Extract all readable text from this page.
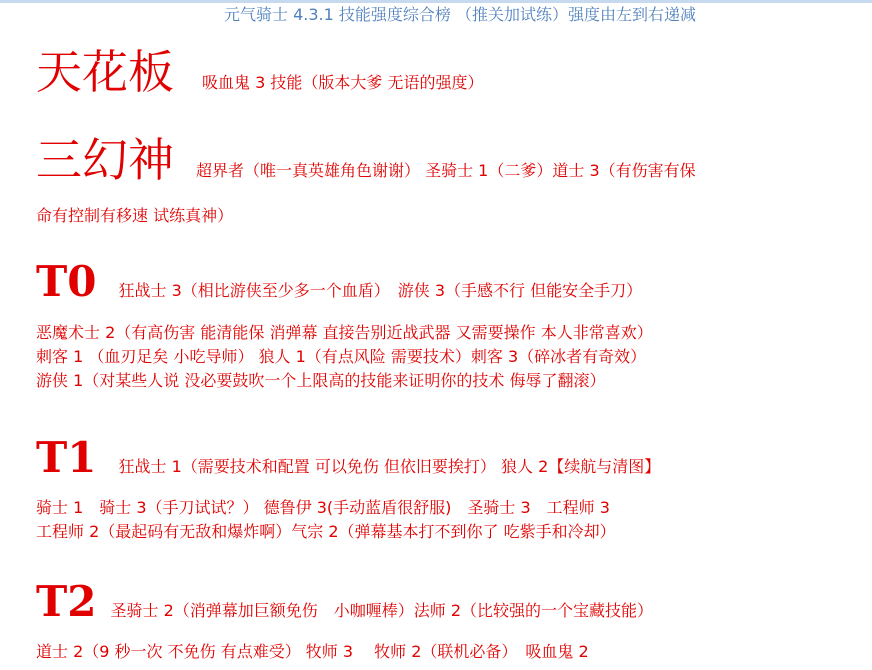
元气骑士 4.3.1 技能强度综合榜 （推关加试练）强度由左到右递减
天花板 吸血鬼 3 技能（版本大爹 无语的强度）
三幻神 超界者（唯一真英雄角色谢谢） 圣骑士 1（二爹）道士 3（有伤害有保
命有控制有移速 试练真神）
T0 狂战士 3（相比游侠至少多一个血盾）　游侠 3（手感不行 但能安全手刀）
恶魔术士 2（有高伤害 能清能保 消弹幕 直接告别近战武器 又需要操作 本人非常喜欢）
刺客 1 （血刃足矣 小吃导师） 狼人 1（有点风险 需要技术）刺客 3（碎冰者有奇效）
游侠 1（对某些人说 没必要鼓吹一个上限高的技能来证明你的技术 侮辱了翻滚）
T1 狂战士 1（需要技术和配置 可以免伤 但依旧要挨打） 狼人 2【续航与清图】
骑士 1　骑士 3（手刀试试？） 德鲁伊 3(手动蓝盾很舒服)　圣骑士 3　工程师 3
工程师 2（最起码有无敌和爆炸啊）气宗 2（弹幕基本打不到你了 吃紫手和冷却）
T2 圣骑士 2（消弹幕加巨额免伤　小咖喱棒）法师 2（比较强的一个宝藏技能）
道士 2（9 秒一次 不免伤 有点难受） 牧师 3　 牧师 2（联机必备）　吸血鬼 2
